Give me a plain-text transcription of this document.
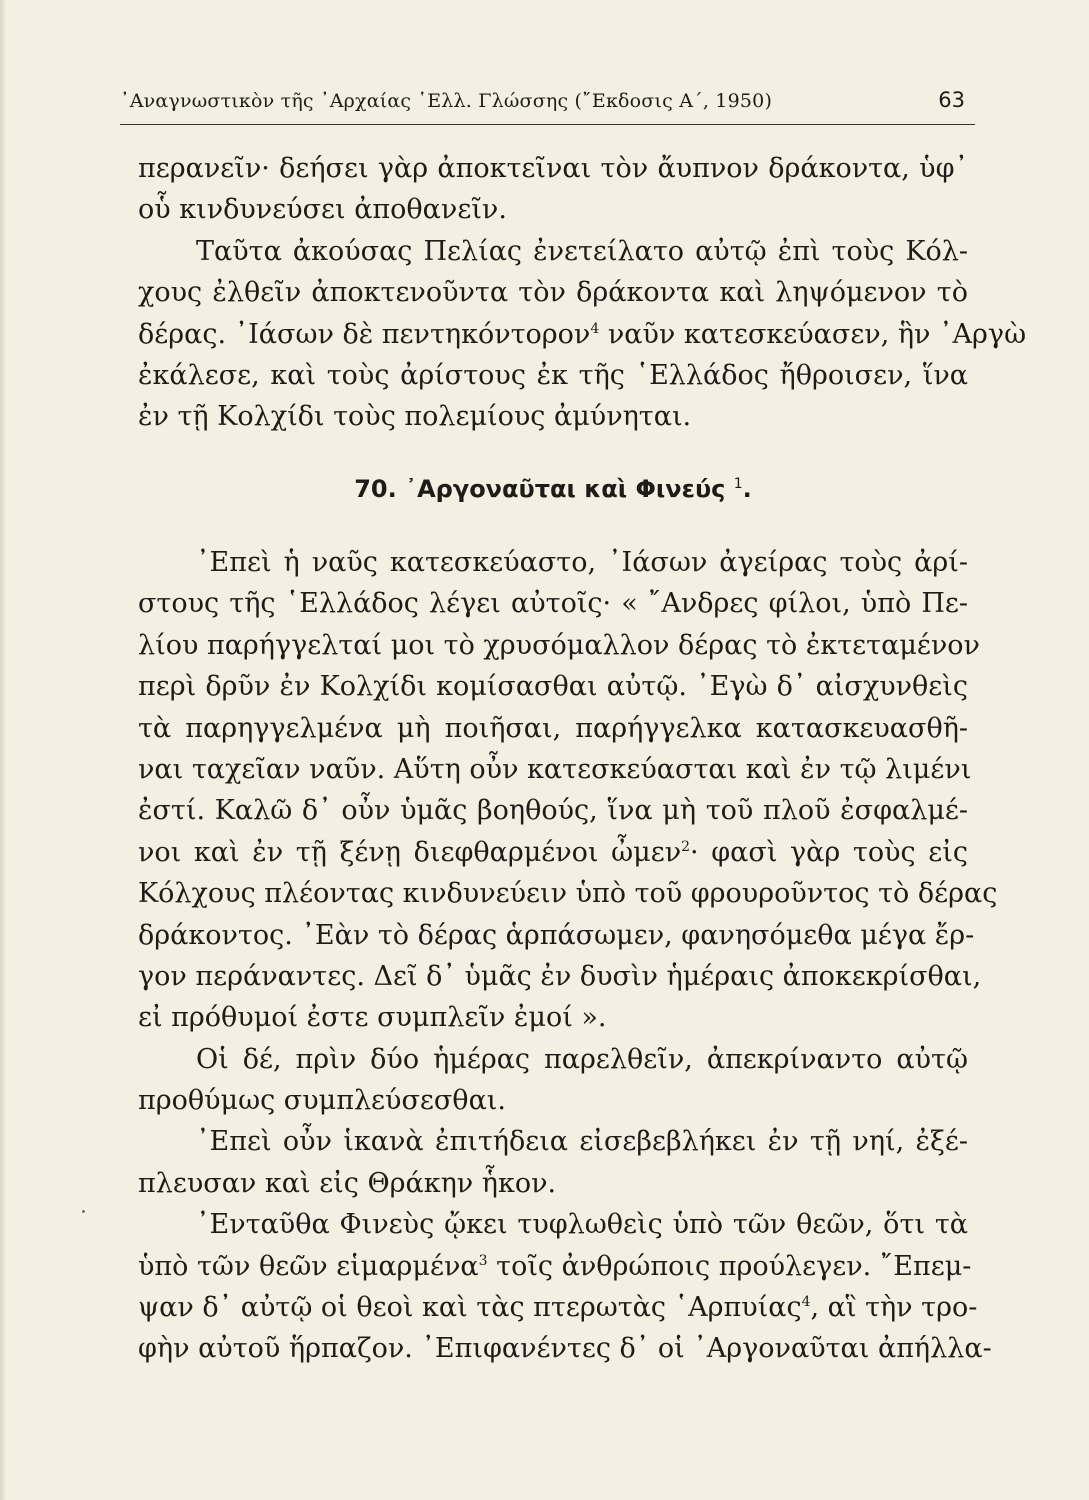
᾿Αναγνωστικὸν τῆς ᾿Αρχαίας ῾Ελλ. Γλώσσης (῎Εκδοσις Α΄, 1950)	63
περανεῖν· δεήσει γὰρ ἀποκτεῖναι τὸν ἄυπνον δράκοντα, ὑφ᾿
οὗ κινδυνεύσει ἀποθανεῖν.
Ταῦτα ἀκούσας Πελίας ἐνετείλατο αὐτῷ ἐπὶ τοὺς Κόλ-
χους ἐλθεῖν ἀποκτενοῦντα τὸν δράκοντα καὶ ληψόμενον τὸ
δέρας. ᾿Ιάσων δὲ πεντηκόντορον$^4$ ναῦν κατεσκεύασεν, ἣν ᾿Αργὼ
ἐκάλεσε, καὶ τοὺς ἀρίστους ἐκ τῆς ῾Ελλάδος ἤθροισεν, ἵνα
ἐν τῇ Κολχίδι τοὺς πολεμίους ἀμύνηται.
70. ᾿Αργοναῦται καὶ Φινεύς $^1$.
᾿Επεὶ ἡ ναῦς κατεσκεύαστο, ᾿Ιάσων ἀγείρας τοὺς ἀρί-
στους τῆς ῾Ελλάδος λέγει αὐτοῖς· « ῎Ανδρες φίλοι, ὑπὸ Πε-
λίου παρήγγελταί μοι τὸ χρυσόμαλλον δέρας τὸ ἐκτεταμένον
περὶ δρῦν ἐν Κολχίδι κομίσασθαι αὐτῷ. ᾿Εγὼ δ᾿ αἰσχυνθεὶς
τὰ παρηγγελμένα μὴ ποιῆσαι, παρήγγελκα κατασκευασθῆ-
ναι ταχεῖαν ναῦν. Αὕτη οὖν κατεσκεύασται καὶ ἐν τῷ λιμένι
ἐστί. Καλῶ δ᾿ οὖν ὑμᾶς βοηθούς, ἵνα μὴ τοῦ πλοῦ ἐσφαλμέ-
νοι καὶ ἐν τῇ ξένῃ διεφθαρμένοι ὦμεν$^2$· φασὶ γὰρ τοὺς εἰς
Κόλχους πλέοντας κινδυνεύειν ὑπὸ τοῦ φρουροῦντος τὸ δέρας
δράκοντος. ᾿Εὰν τὸ δέρας ἁρπάσωμεν, φανησόμεθα μέγα ἔρ-
γον περάναντες. Δεῖ δ᾿ ὑμᾶς ἐν δυσὶν ἡμέραις ἀποκεκρίσθαι,
εἰ πρόθυμοί ἐστε συμπλεῖν ἐμοί ».
Οἱ δέ, πρὶν δύο ἡμέρας παρελθεῖν, ἀπεκρίναντο αὐτῷ
προθύμως συμπλεύσεσθαι.
᾿Επεὶ οὖν ἱκανὰ ἐπιτήδεια εἰσεβεβλήκει ἐν τῇ νηί, ἐξέ-
πλευσαν καὶ εἰς Θράκην ἧκον.
᾿Ενταῦθα Φινεὺς ᾤκει τυφλωθεὶς ὑπὸ τῶν θεῶν, ὅτι τὰ
ὑπὸ τῶν θεῶν εἱμαρμένα$^3$ τοῖς ἀνθρώποις προύλεγεν. ῎Επεμ-
ψαν δ᾿ αὐτῷ οἱ θεοὶ καὶ τὰς πτερωτὰς ῾Αρπυίας$^4$, αἳ τὴν τρο-
φὴν αὐτοῦ ἥρπαζον. ᾿Επιφανέντες δ᾿ οἱ ᾿Αργοναῦται ἀπήλλα-
